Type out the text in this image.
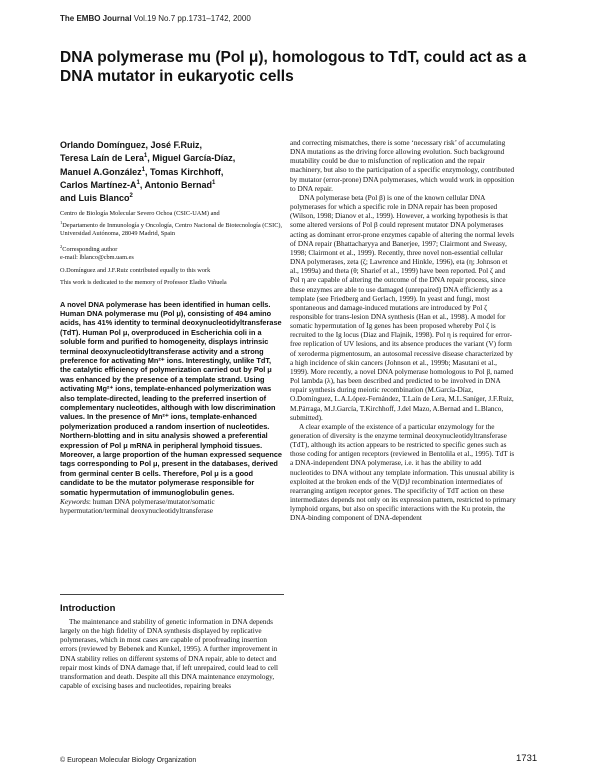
The EMBO Journal Vol.19 No.7 pp.1731–1742, 2000
DNA polymerase mu (Pol μ), homologous to TdT, could act as a DNA mutator in eukaryotic cells

Orlando Domínguez, José F.Ruiz,
Teresa Laín de Lera$^1$, Miguel García-Díaz,
Manuel A.González$^1$, Tomas Kirchhoff,
Carlos Martínez-$A^1$, Antonio Bernad$^1$
and Luis Blanco$^2$

Centro de Biología Molecular Severo Ochoa (CSIC-UAM) and
$^1$Departamento de Inmunología y Oncología, Centro Nacional de Biotecnología (CSIC), Universidad Autónoma, 28049 Madrid, Spain

$^2$Corresponding author
e-mail: lblanco@cbm.uam.es

O.Domínguez and J.F.Ruiz contributed equally to this work

This work is dedicated to the memory of Professor Eladio Viñuela

A novel DNA polymerase has been identified in human cells. Human DNA polymerase mu (Pol μ), consisting of 494 amino acids, has 41% identity to terminal deoxynucleotidyltransferase (TdT). Human Pol μ, overproduced in Escherichia coli in a soluble form and purified to homogeneity, displays intrinsic terminal deoxynucleotidyltransferase activity and a strong preference for activating Mn²⁺ ions. Interestingly, unlike TdT, the catalytic efficiency of polymerization carried out by Pol μ was enhanced by the presence of a template strand. Using activating Mg²⁺ ions, template-enhanced polymerization was also template-directed, leading to the preferred insertion of complementary nucleotides, although with low discrimination values. In the presence of Mn²⁺ ions, template-enhanced polymerization produced a random insertion of nucleotides. Northern-blotting and in situ analysis showed a preferential expression of Pol μ mRNA in peripheral lymphoid tissues. Moreover, a large proportion of the human expressed sequence tags corresponding to Pol μ, present in the databases, derived from germinal center B cells. Therefore, Pol μ is a good candidate to be the mutator polymerase responsible for somatic hypermutation of immunoglobulin genes.

Keywords: human DNA polymerase/mutator/somatic hypermutation/terminal deoxynucleotidyltransferase

Introduction

The maintenance and stability of genetic information in DNA depends largely on the high fidelity of DNA synthesis displayed by replicative polymerases, which in most cases are capable of proofreading insertion errors (reviewed by Bebenek and Kunkel, 1995). A further improvement in DNA stability relies on different systems of DNA repair, able to detect and repair most kinds of DNA damage that, if left unrepaired, could lead to cell transformation and death. Despite all this DNA maintenance enzymology, capable of excising bases and nucleotides, repairing breaks

and correcting mismatches, there is some ‘necessary risk’ of accumulating DNA mutations as the driving force allowing evolution. Such background mutability could be due to misfunction of replication and the repair machinery, but also to the participation of a specific enzymology, contributed by mutator (error-prone) DNA polymerases, which would work in opposition to DNA repair.

DNA polymerase beta (Pol β) is one of the known cellular DNA polymerases for which a specific role in DNA repair has been proposed (Wilson, 1998; Dianov et al., 1999). However, a working hypothesis is that some altered versions of Pol β could represent mutator DNA polymerases acting as dominant error-prone enzymes capable of altering the normal levels of DNA repair (Bhattacharyya and Banerjee, 1997; Clairmont and Sweasy, 1998; Clairmont et al., 1999). Recently, three novel non-essential cellular DNA polymerases, zeta (ζ; Lawrence and Hinkle, 1996), eta (η; Johnson et al., 1999a) and theta (θ; Sharief et al., 1999) have been reported. Pol ζ and Pol η are capable of altering the outcome of the DNA repair process, since these enzymes are able to use damaged (unrepaired) DNA efficiently as a template (see Friedberg and Gerlach, 1999). In yeast and fungi, most spontaneous and damage-induced mutations are introduced by Pol ζ responsible for trans-lesion DNA synthesis (Han et al., 1998). A model for somatic hypermutation of Ig genes has been proposed whereby Pol ζ is recruited to the Ig locus (Diaz and Flajnik, 1998). Pol η is required for error-free replication of UV lesions, and its absence produces the variant (V) form of xeroderma pigmentosum, an autosomal recessive disease characterized by a high incidence of skin cancers (Johnson et al., 1999b; Masutani et al., 1999). More recently, a novel DNA polymerase homologous to Pol β, named Pol lambda (λ), has been described and predicted to be involved in DNA repair synthesis during meiotic recombination (M.García-Díaz, O.Domínguez, L.A.López-Fernández, T.Laín de Lera, M.L.Saníger, J.F.Ruiz, M.Párraga, M.J.García, T.Kirchhoff, J.del Mazo, A.Bernad and L.Blanco, submitted).

A clear example of the existence of a particular enzymology for the generation of diversity is the enzyme terminal deoxynucleotidyltransferase (TdT), although its action appears to be restricted to specific genes such as those coding for antigen receptors (reviewed in Bentolila et al., 1995). TdT is a DNA-independent DNA polymerase, i.e. it has the ability to add nucleotides to DNA without any template information. This unusual ability is exploited at the broken ends of the V(D)J recombination intermediates of rearranging antigen receptor genes. The specificity of TdT action on these intermediates depends not only on its expression pattern, restricted to primary lymphoid organs, but also on specific interactions with the Ku protein, the DNA-binding component of DNA-dependent

© European Molecular Biology Organization	1731
